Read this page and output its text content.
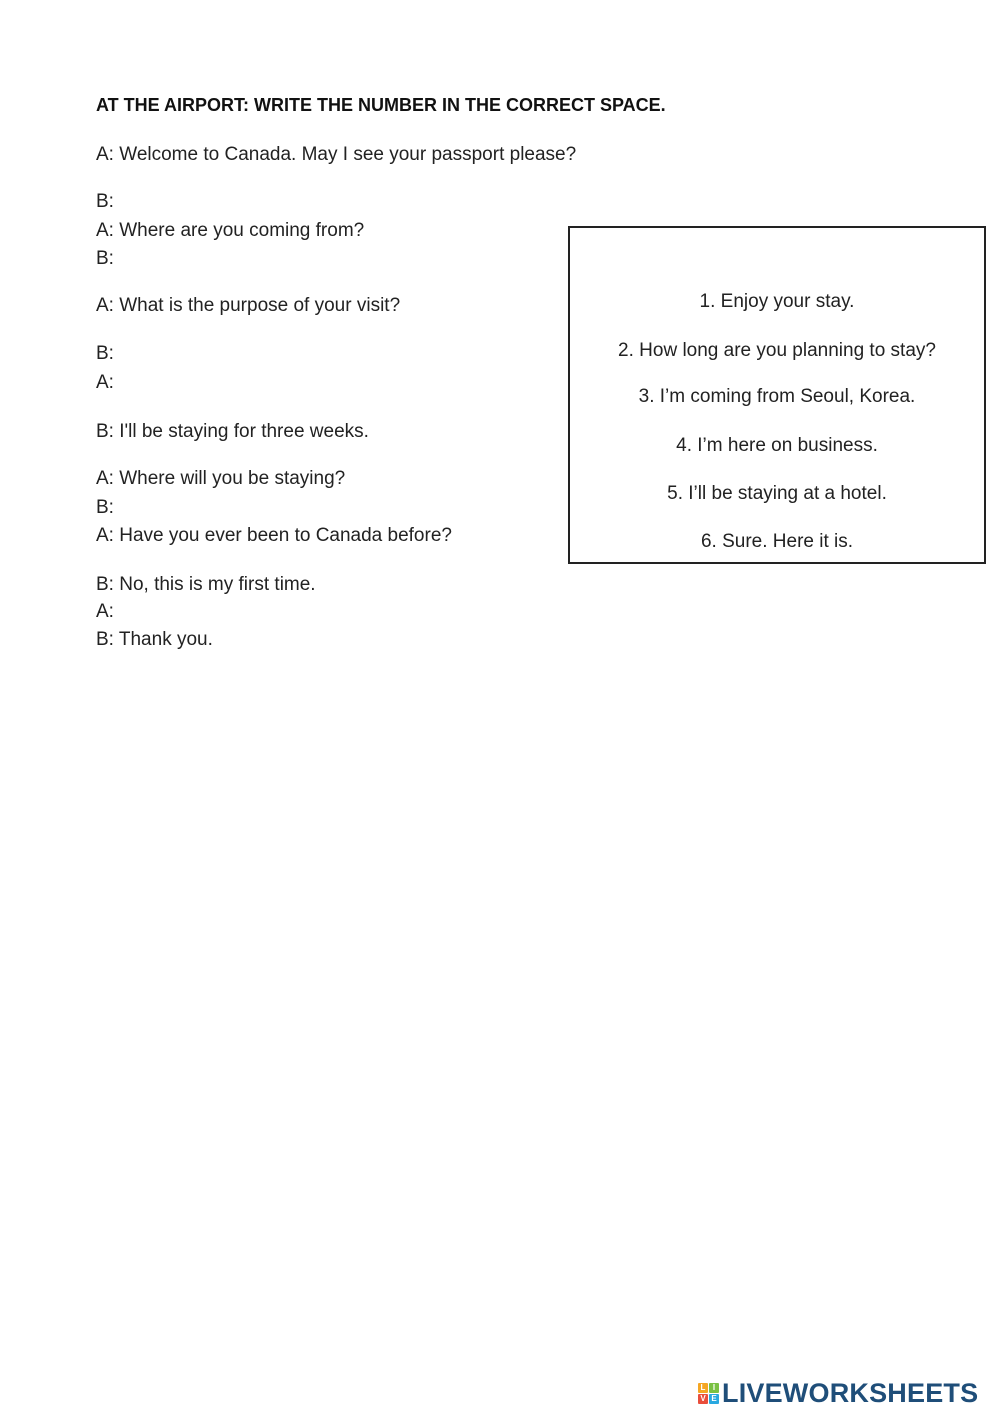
AT THE AIRPORT: WRITE THE NUMBER IN THE CORRECT SPACE.
A: Welcome to Canada. May I see your passport please?
B:
A: Where are you coming from?
B:
A: What is the purpose of your visit?
B:
A:
B: I'll be staying for three weeks.
A: Where will you be staying?
B:
A: Have you ever been to Canada before?
B: No, this is my first time.
A:
B: Thank you.
1. Enjoy your stay.
2. How long are you planning to stay?
3. I’m coming from Seoul, Korea.
4. I’m here on business.
5. I’ll be staying at a hotel.
6. Sure. Here it is.
L I
V E LIVEWORKSHEETS
